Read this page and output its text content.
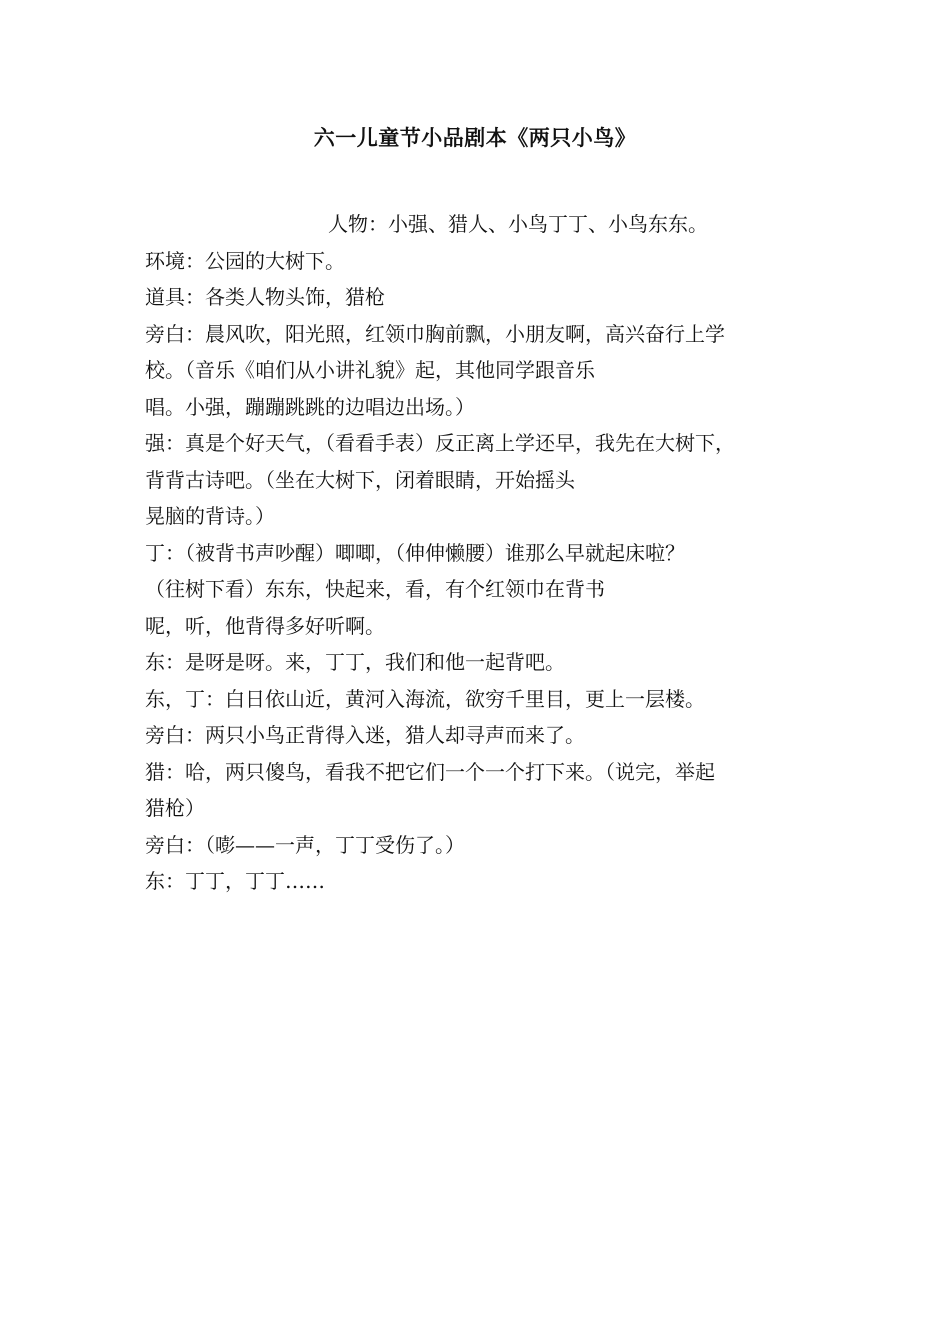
六一儿童节小品剧本《两只小鸟》
人物：小强、猎人、小鸟丁丁、小鸟东东。
环境：公园的大树下。
道具：各类人物头饰，猎枪
旁白：晨风吹，阳光照，红领巾胸前飘，小朋友啊，高兴奋行上学
校。（音乐《咱们从小讲礼貌》起，其他同学跟音乐
唱。小强，蹦蹦跳跳的边唱边出场。）
强：真是个好天气，（看看手表）反正离上学还早，我先在大树下，
背背古诗吧。（坐在大树下，闭着眼睛，开始摇头
晃脑的背诗。）
丁：（被背书声吵醒）唧唧，（伸伸懒腰）谁那么早就起床啦？
（往树下看）东东，快起来，看，有个红领巾在背书
呢，听，他背得多好听啊。
东：是呀是呀。来，丁丁，我们和他一起背吧。
东，丁：白日依山近，黄河入海流，欲穷千里目，更上一层楼。
旁白：两只小鸟正背得入迷，猎人却寻声而来了。
猎：哈，两只傻鸟，看我不把它们一个一个打下来。（说完，举起
猎枪）
旁白：（嘭——一声，丁丁受伤了。）
东：丁丁，丁丁……
